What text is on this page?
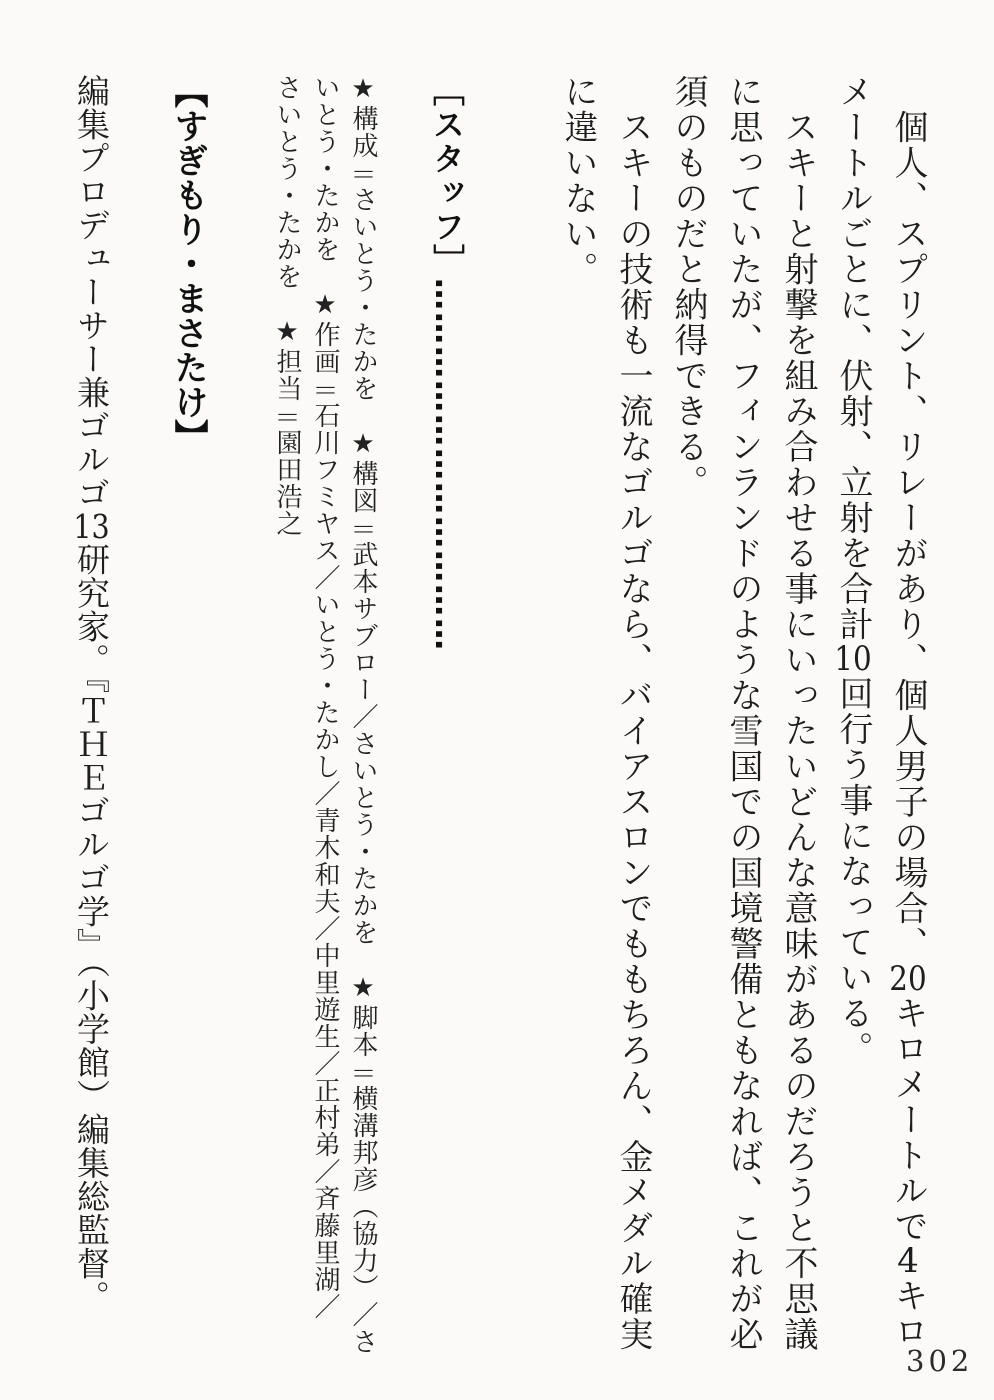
　個人、スプリント、リレーがあり、個人男子の場合、20キロメートルで4キロ
メートルごとに、伏射、立射を合計10回行う事になっている。
　スキーと射撃を組み合わせる事にいったいどんな意味があるのだろうと不思議
に思っていたが、フィンランドのような雪国での国境警備ともなれば、これが必
須のものだと納得できる。
　スキーの技術も一流なゴルゴなら、バイアスロンでももちろん、金メダル確実
に違いない。

［スタッフ］……………………………

★構成＝さいとう・たかを　★構図＝武本サブロー／さいとう・たかを　★脚本＝横溝邦彦（協力）／さ
いとう・たかを　★作画＝石川フミヤス／いとう・たかし／青木和夫／中里遊生／正村弟／斉藤里湖／
さいとう・たかを　★担当＝園田浩之

【すぎもり・まさたけ】

編集プロデューサー兼ゴルゴ13研究家。『ＴＨＥゴルゴ学』（小学館）編集総監督。
302
